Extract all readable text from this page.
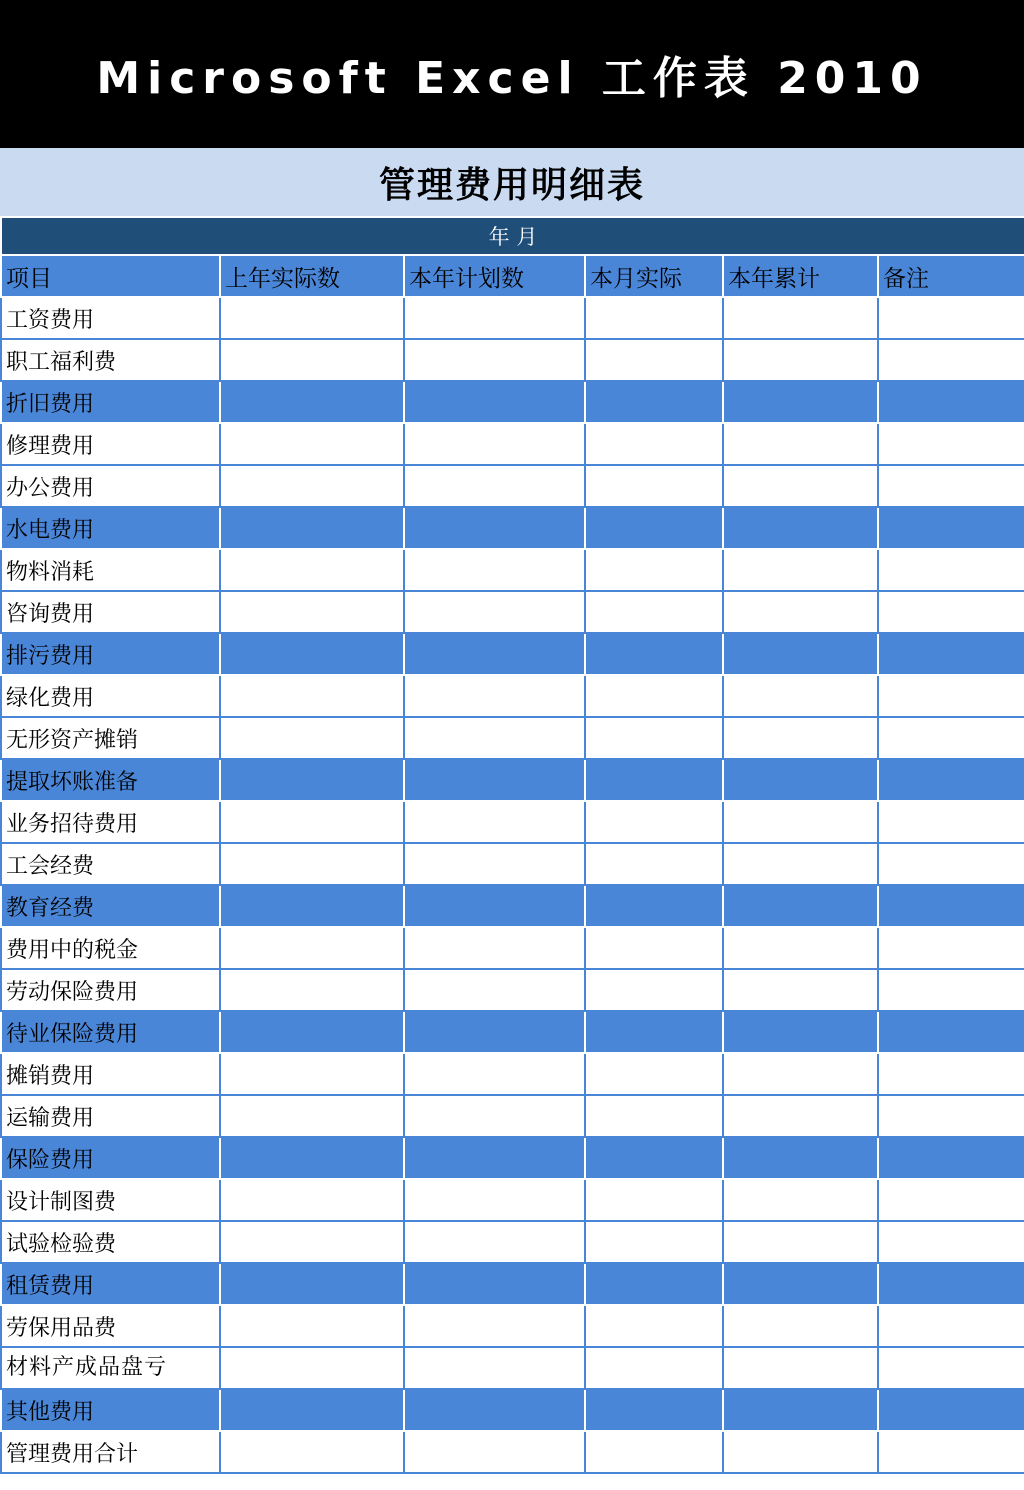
Microsoft Excel 工作表 2010
管理费用明细表
年 月					
项目	上年实际数	本年计划数	本月实际	本年累计	备注
工资费用					
职工福利费					
折旧费用					
修理费用					
办公费用					
水电费用					
物料消耗					
咨询费用					
排污费用					
绿化费用					
无形资产摊销					
提取坏账准备					
业务招待费用					
工会经费					
教育经费					
费用中的税金					
劳动保险费用					
待业保险费用					
摊销费用					
运输费用					
保险费用					
设计制图费					
试验检验费					
租赁费用					
劳保用品费					
材料产成品盘亏					
其他费用					
管理费用合计					
